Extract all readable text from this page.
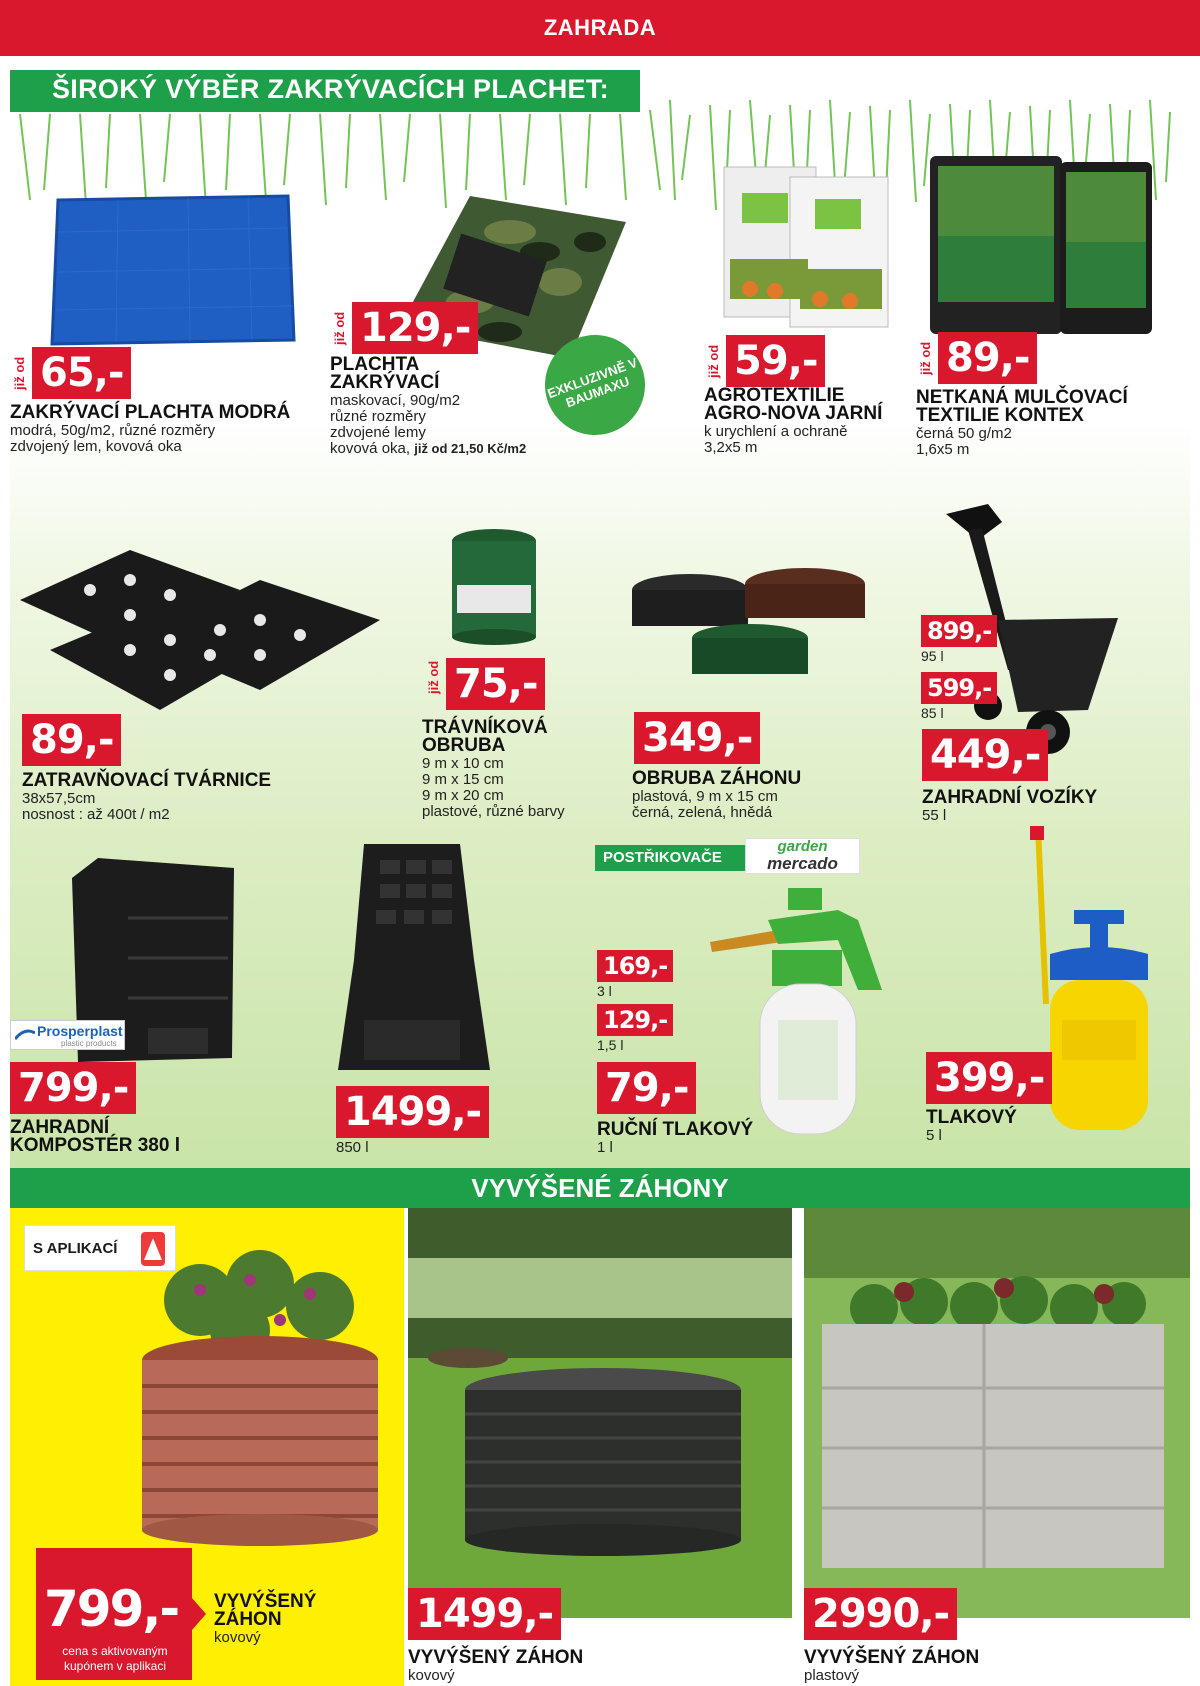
ZAHRADA
ŠIROKÝ VÝBĚR ZAKRÝVACÍCH PLACHET:
již od 65,-
ZAKRÝVACÍ PLACHTA MODRÁ
modrá, 50g/m2, různé rozměry
zdvojený lem, kovová oka
již od 129,-
PLACHTA
ZAKRÝVACÍ
maskovací, 90g/m2
různé rozměry
zdvojené lemy
kovová oka, již od 21,50 Kč/m2
EXKLUZIVNĚ V BAUMAXU
již od 59,-
AGROTEXTILIE
AGRO-NOVA JARNÍ
k urychlení a ochraně
3,2x5 m
již od 89,-
NETKANÁ MULČOVACÍ
TEXTILIE KONTEX
černá 50 g/m2
1,6x5 m
89,-
ZATRAVŇOVACÍ TVÁRNICE
38x57,5cm
nosnost : až 400t / m2
již od 75,-
TRÁVNÍKOVÁ
OBRUBA
9 m x 10 cm
9 m x 15 cm
9 m x 20 cm
plastové, různé barvy
349,-
OBRUBA ZÁHONU
plastová, 9 m x 15 cm
černá, zelená, hnědá
899,-
95 l
599,-
85 l
449,-
ZAHRADNÍ VOZÍKY
55 l
Prosperplast
plastic products
799,-
ZAHRADNÍ
KOMPOSTÉR 380 l
1499,-
850 l
POSTŘIKOVAČE
garden
mercado
169,-
3 l
129,-
1,5 l
79,-
RUČNÍ TLAKOVÝ
1 l
399,-
TLAKOVÝ
5 l
VYVÝŠENÉ ZÁHONY
S APLIKACÍ
799,-
cena s aktivovaným kupónem v aplikaci
999,-
VYVÝŠENÝ
ZÁHON
kovový
1499,-
VYVÝŠENÝ ZÁHON
kovový
2990,-
VYVÝŠENÝ ZÁHON
plastový
